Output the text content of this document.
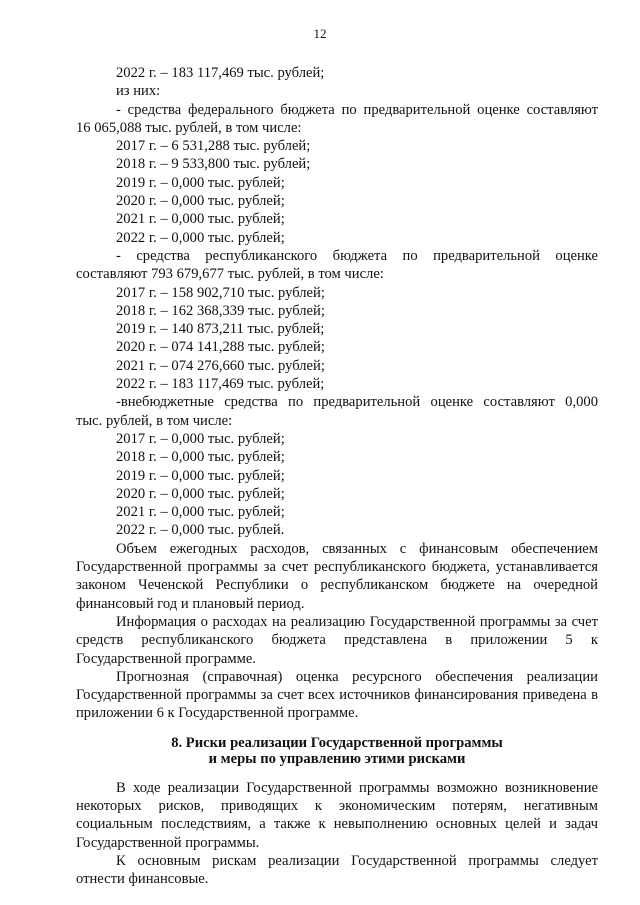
12
2022 г. – 183 117,469 тыс. рублей;
из них:
- средства федерального бюджета по предварительной оценке составляют
16 065,088 тыс. рублей, в том числе:
2017 г. – 6 531,288 тыс. рублей;
2018 г. – 9 533,800 тыс. рублей;
2019 г. – 0,000 тыс. рублей;
2020 г. – 0,000 тыс. рублей;
2021 г. – 0,000 тыс. рублей;
2022 г. – 0,000 тыс. рублей;
- средства республиканского бюджета по предварительной оценке
составляют 793 679,677 тыс. рублей, в том числе:
2017 г. – 158 902,710 тыс. рублей;
2018 г. – 162 368,339 тыс. рублей;
2019 г. – 140 873,211 тыс. рублей;
2020 г. – 074 141,288 тыс. рублей;
2021 г. – 074 276,660 тыс. рублей;
2022 г. – 183 117,469 тыс. рублей;
-внебюджетные средства по предварительной оценке составляют 0,000
тыс. рублей, в том числе:
2017 г. – 0,000 тыс. рублей;
2018 г. – 0,000 тыс. рублей;
2019 г. – 0,000 тыс. рублей;
2020 г. – 0,000 тыс. рублей;
2021 г. – 0,000 тыс. рублей;
2022 г. – 0,000 тыс. рублей.

Объем ежегодных расходов, связанных с финансовым обеспечением Государственной программы за счет республиканского бюджета, устанавливается законом Чеченской Республики о республиканском бюджете на очередной финансовый год и плановый период.

Информация о расходах на реализацию Государственной программы за счет средств республиканского бюджета представлена в приложении 5 к Государственной программе.

Прогнозная (справочная) оценка ресурсного обеспечения реализации Государственной программы за счет всех источников финансирования приведена в приложении 6 к Государственной программе.

8. Риски реализации Государственной программы
и меры по управлению этими рисками

В ходе реализации Государственной программы возможно возникновение некоторых рисков, приводящих к экономическим потерям, негативным социальным последствиям, а также к невыполнению основных целей и задач Государственной программы.

К основным рискам реализации Государственной программы следует отнести финансовые.
